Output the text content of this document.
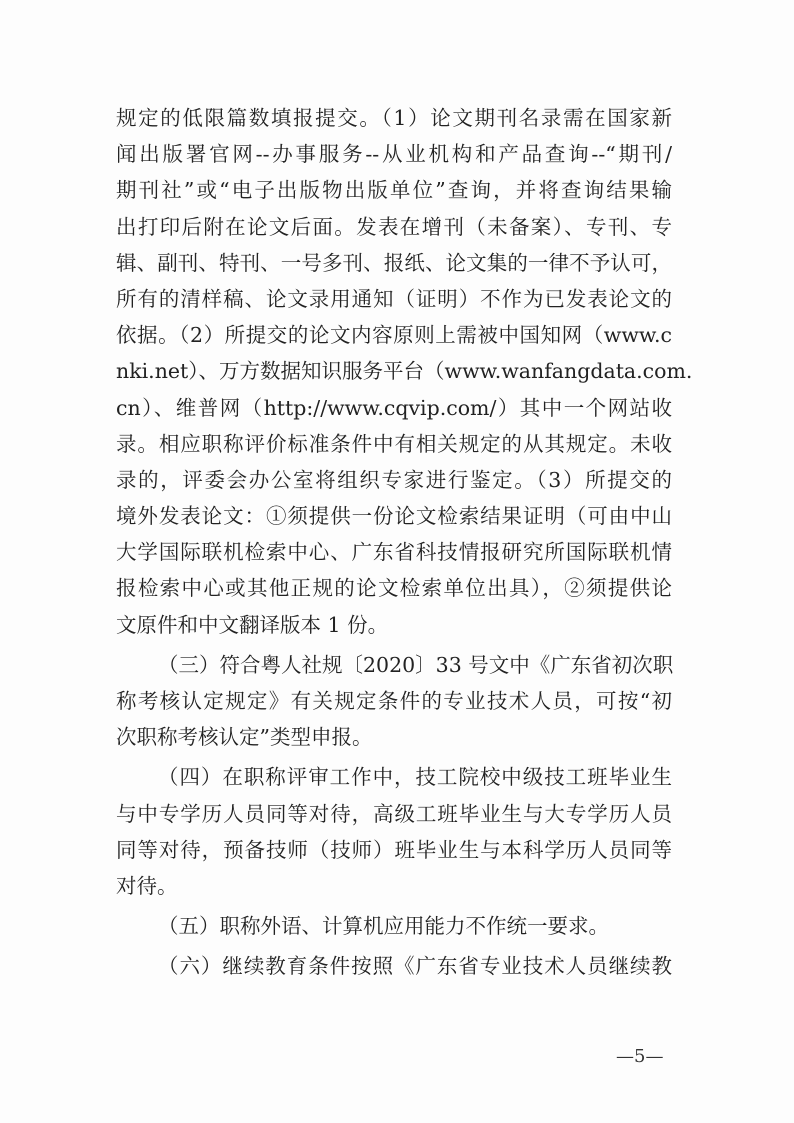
规定的低限篇数填报提交。（1）论文期刊名录需在国家新
闻出版署官网--办事服务--从业机构和产品查询--“期刊/
期刊社”或“电子出版物出版单位”查询，并将查询结果输
出打印后附在论文后面。发表在增刊（未备案）、专刊、专
辑、副刊、特刊、一号多刊、报纸、论文集的一律不予认可，
所有的清样稿、论文录用通知（证明）不作为已发表论文的
依据。（2）所提交的论文内容原则上需被中国知网（www.c
nki.net）、万方数据知识服务平台（www.wanfangdata.com.
cn）、维普网（http://www.cqvip.com/）其中一个网站收
录。相应职称评价标准条件中有相关规定的从其规定。未收
录的，评委会办公室将组织专家进行鉴定。（3）所提交的
境外发表论文：①须提供一份论文检索结果证明（可由中山
大学国际联机检索中心、广东省科技情报研究所国际联机情
报检索中心或其他正规的论文检索单位出具），②须提供论
文原件和中文翻译版本 1 份。
（三）符合粤人社规〔2020〕33 号文中《广东省初次职
称考核认定规定》有关规定条件的专业技术人员，可按“初
次职称考核认定”类型申报。
（四）在职称评审工作中，技工院校中级技工班毕业生
与中专学历人员同等对待，高级工班毕业生与大专学历人员
同等对待，预备技师（技师）班毕业生与本科学历人员同等
对待。
（五）职称外语、计算机应用能力不作统一要求。
（六）继续教育条件按照《广东省专业技术人员继续教
—5—
